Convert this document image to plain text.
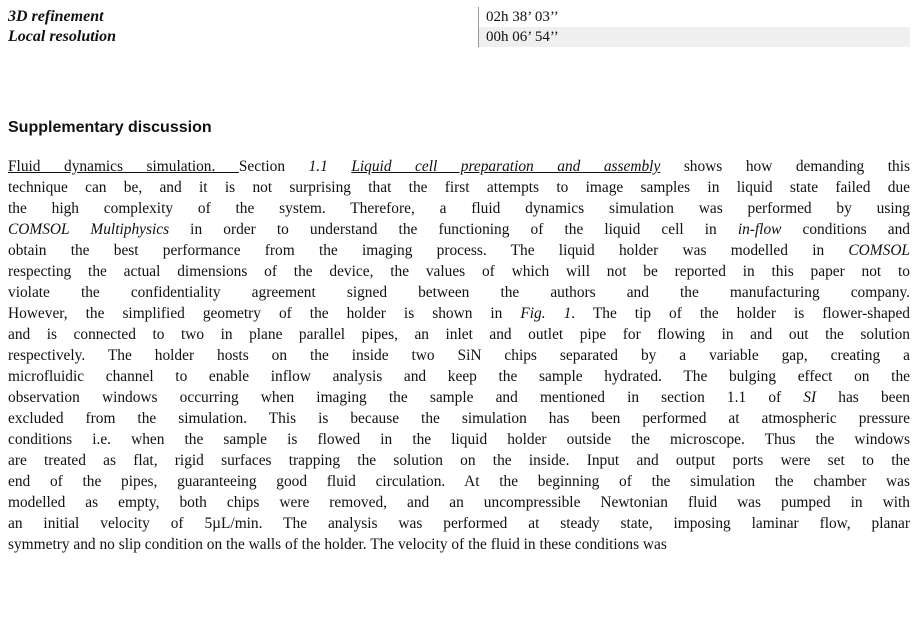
3D refinement	02h 38’ 03’’
Local resolution	00h 06’ 54’’
Supplementary discussion
Fluid dynamics simulation. Section 1.1 Liquid cell preparation and assembly shows how demanding this
technique can be, and it is not surprising that the first attempts to image samples in liquid state failed due
the high complexity of the system. Therefore, a fluid dynamics simulation was performed by using
COMSOL Multiphysics in order to understand the functioning of the liquid cell in in-flow conditions and
obtain the best performance from the imaging process. The liquid holder was modelled in COMSOL
respecting the actual dimensions of the device, the values of which will not be reported in this paper not to
violate the confidentiality agreement signed between the authors and the manufacturing company.
However, the simplified geometry of the holder is shown in Fig. 1. The tip of the holder is flower-shaped
and is connected to two in plane parallel pipes, an inlet and outlet pipe for flowing in and out the solution
respectively. The holder hosts on the inside two SiN chips separated by a variable gap, creating a
microfluidic channel to enable inflow analysis and keep the sample hydrated. The bulging effect on the
observation windows occurring when imaging the sample and mentioned in section 1.1 of SI has been
excluded from the simulation. This is because the simulation has been performed at atmospheric pressure
conditions i.e. when the sample is flowed in the liquid holder outside the microscope. Thus the windows
are treated as flat, rigid surfaces trapping the solution on the inside. Input and output ports were set to the
end of the pipes, guaranteeing good fluid circulation. At the beginning of the simulation the chamber was
modelled as empty, both chips were removed, and an uncompressible Newtonian fluid was pumped in with
an initial velocity of 5µL/min. The analysis was performed at steady state, imposing laminar flow, planar
symmetry and no slip condition on the walls of the holder. The velocity of the fluid in these conditions was
